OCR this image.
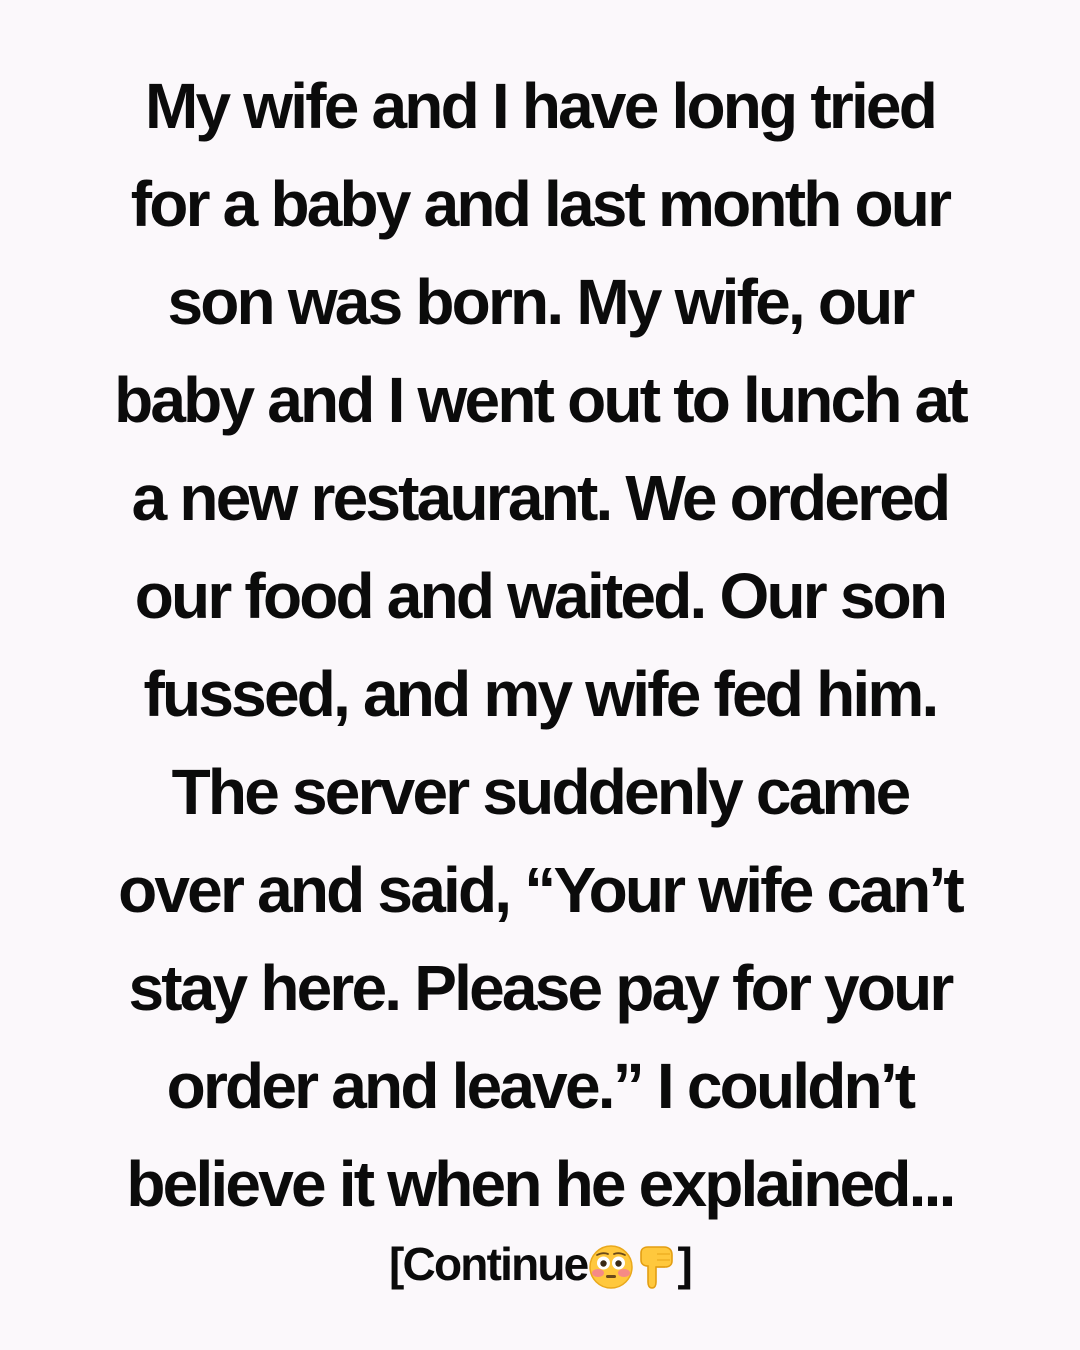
My wife and I have long tried
for a baby and last month our
son was born. My wife, our
baby and I went out to lunch at
a new restaurant. We ordered
our food and waited. Our son
fussed, and my wife fed him.
The server suddenly came
over and said, “Your wife can’t
stay here. Please pay for your
order and leave.” I couldn’t
believe it when he explained...
[Continue ]
